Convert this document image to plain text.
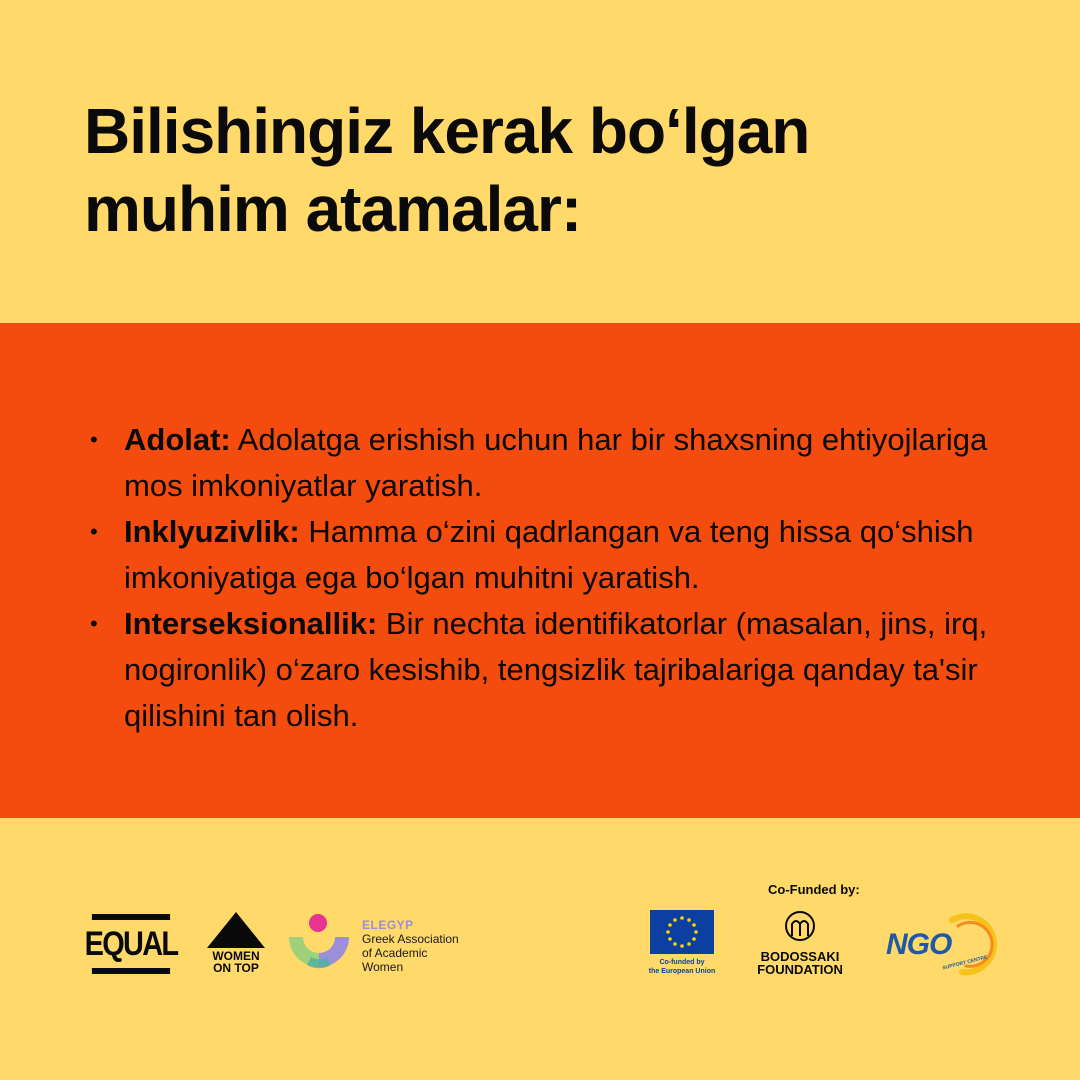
Bilishingiz kerak bo‘lgan
muhim atamalar:
• Adolat: Adolatga erishish uchun har bir shaxsning ehtiyojlariga mos imkoniyatlar yaratish.
• Inklyuzivlik: Hamma o‘zini qadrlangan va teng hissa qo‘shish imkoniyatiga ega bo‘lgan muhitni yaratish.
• Interseksionallik: Bir nechta identifikatorlar (masalan, jins, irq, nogironlik) o‘zaro kesishib, tengsizlik tajribalariga qanday ta'sir qilishini tan olish.
EQUAL	WOMEN
ON TOP
ELEGYP
Greek Association
of Academic
Women
Co-Funded by:
Co-funded by
the European Union
BODOSSAKI
FOUNDATION
NGO
SUPPORT CENTRE
